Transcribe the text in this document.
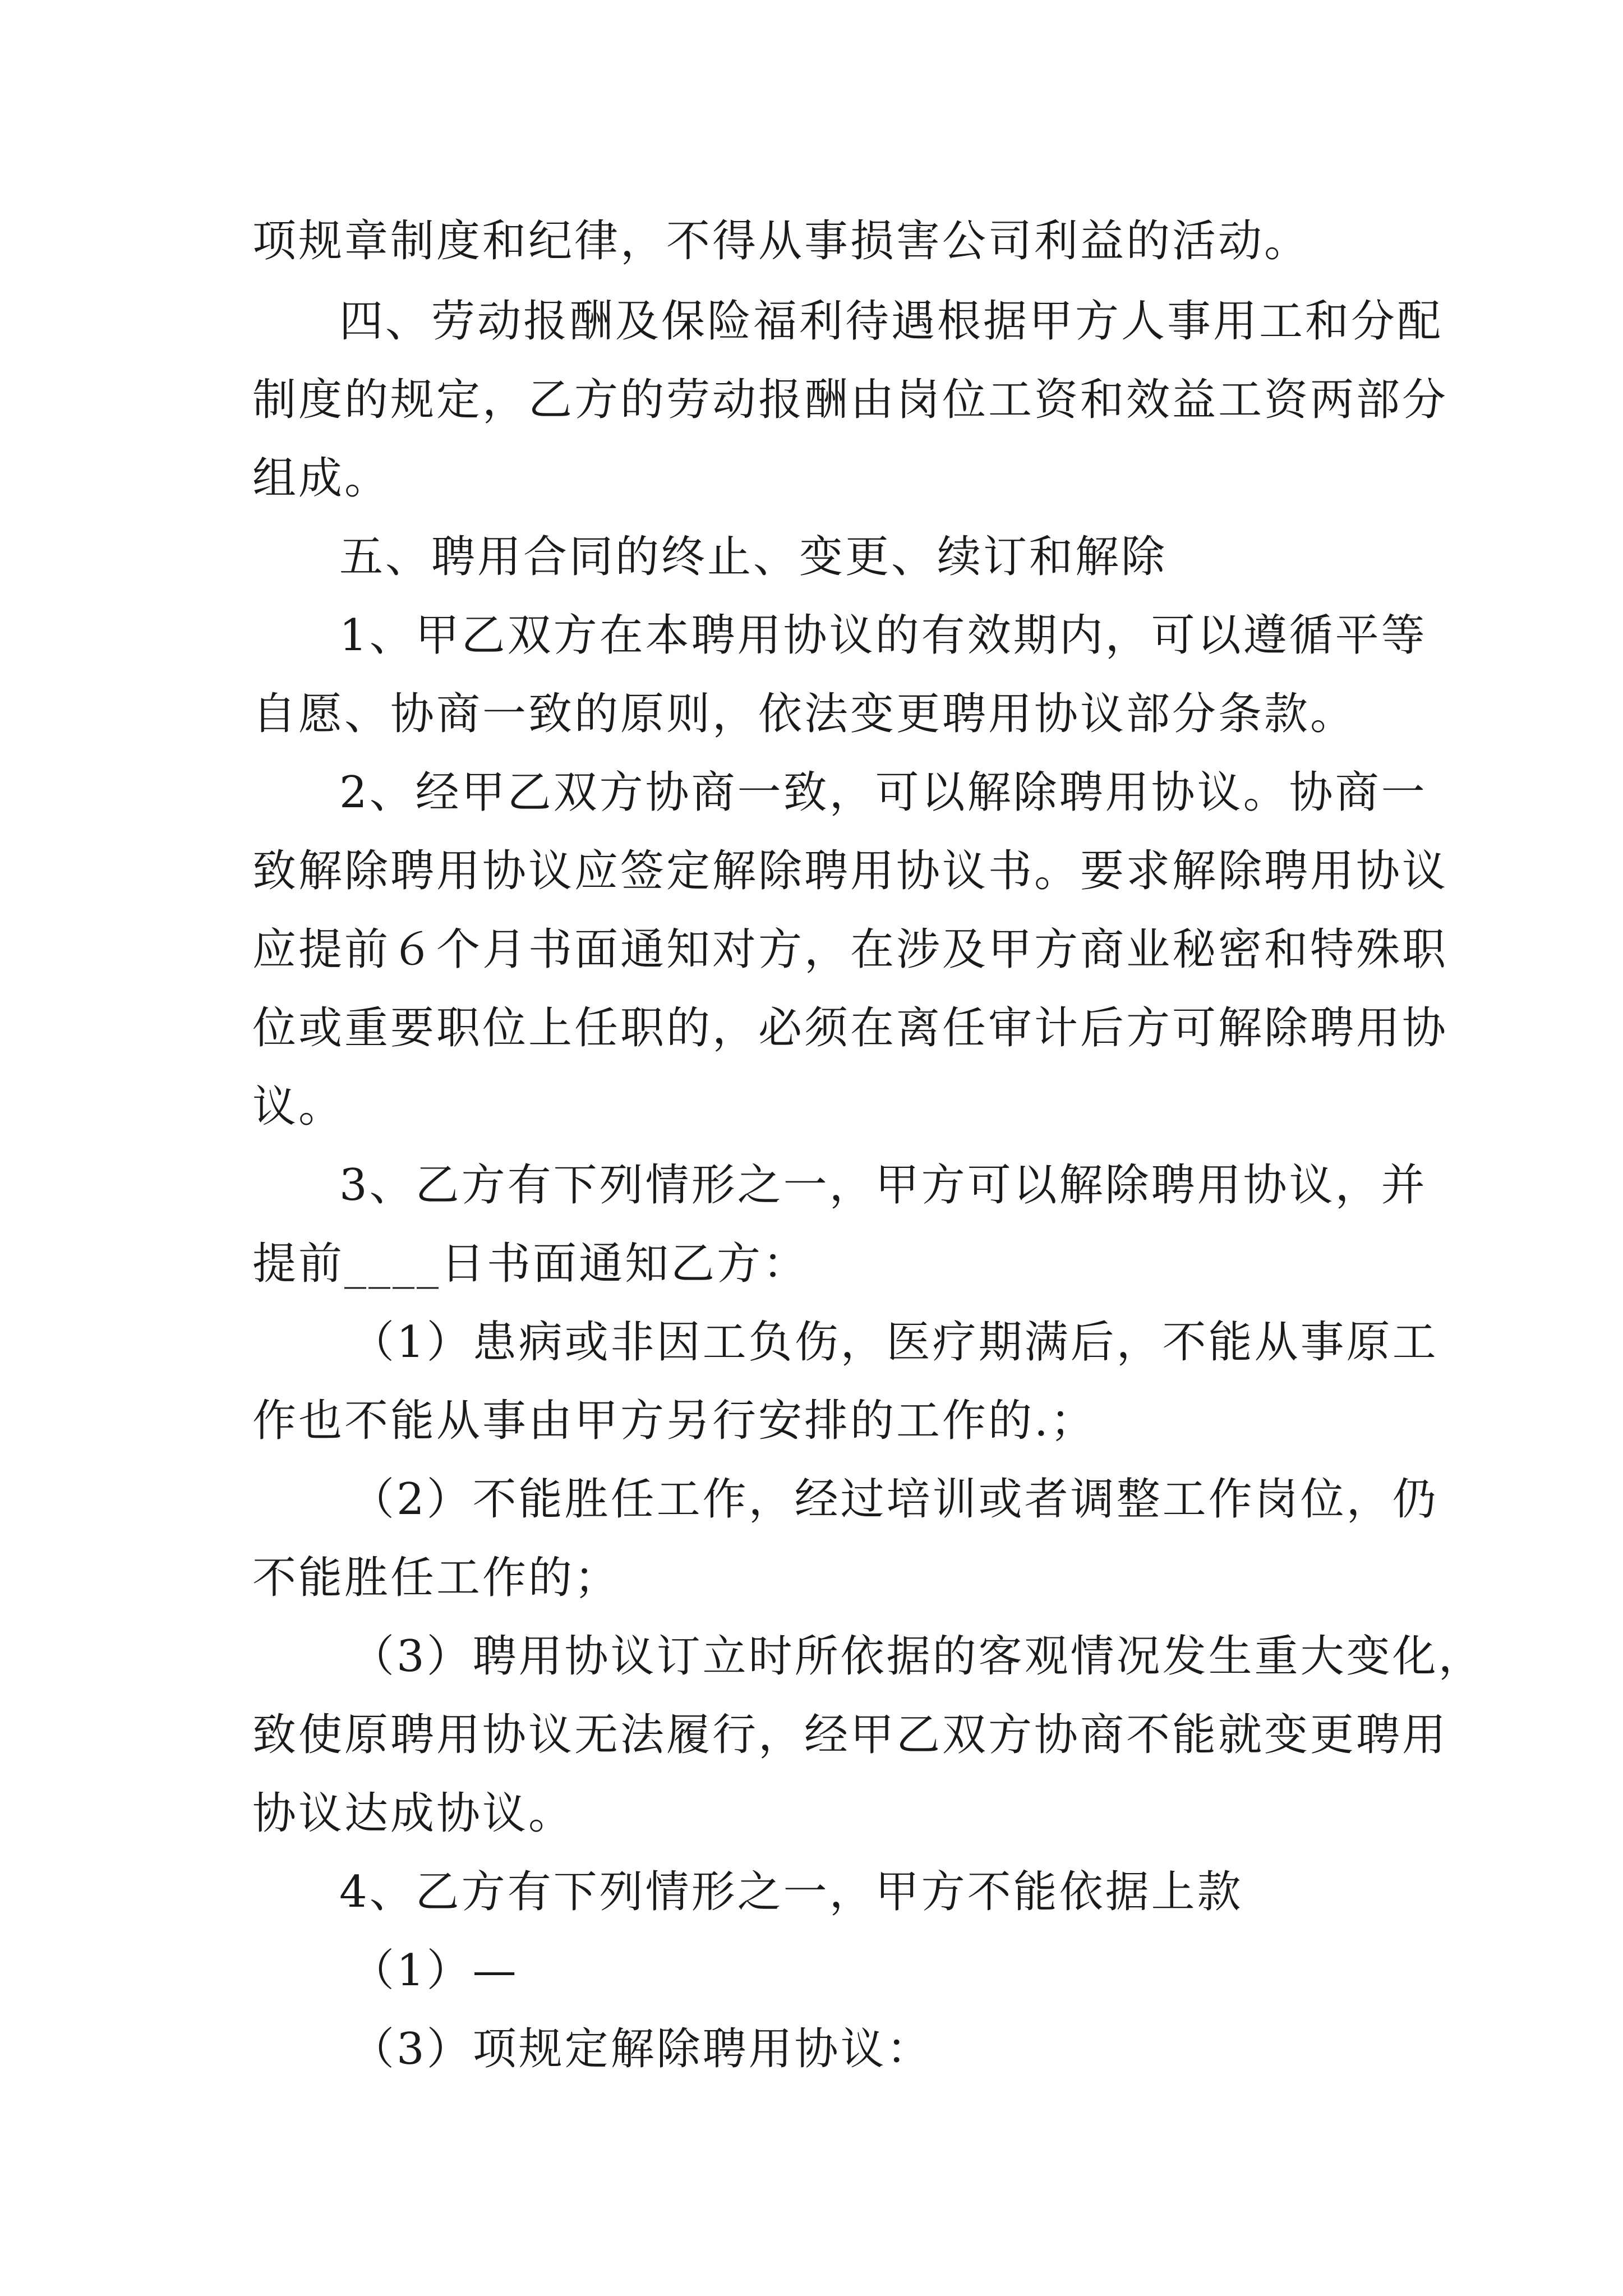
项规章制度和纪律，不得从事损害公司利益的活动。
四、劳动报酬及保险福利待遇根据甲方人事用工和分配
制度的规定，乙方的劳动报酬由岗位工资和效益工资两部分
组成。
五、聘用合同的终止、变更、续订和解除
1、甲乙双方在本聘用协议的有效期内，可以遵循平等
自愿、协商一致的原则，依法变更聘用协议部分条款。
2、经甲乙双方协商一致，可以解除聘用协议。协商一
致解除聘用协议应签定解除聘用协议书。要求解除聘用协议
应提前６个月书面通知对方，在涉及甲方商业秘密和特殊职
位或重要职位上任职的，必须在离任审计后方可解除聘用协
议。
3、乙方有下列情形之一，甲方可以解除聘用协议，并
提前____日书面通知乙方：
（1）患病或非因工负伤，医疗期满后，不能从事原工
作也不能从事由甲方另行安排的工作的.；
（2）不能胜任工作，经过培训或者调整工作岗位，仍
不能胜任工作的；
（3）聘用协议订立时所依据的客观情况发生重大变化，
致使原聘用协议无法履行，经甲乙双方协商不能就变更聘用
协议达成协议。
4、乙方有下列情形之一，甲方不能依据上款
（1）—
（3）项规定解除聘用协议：
